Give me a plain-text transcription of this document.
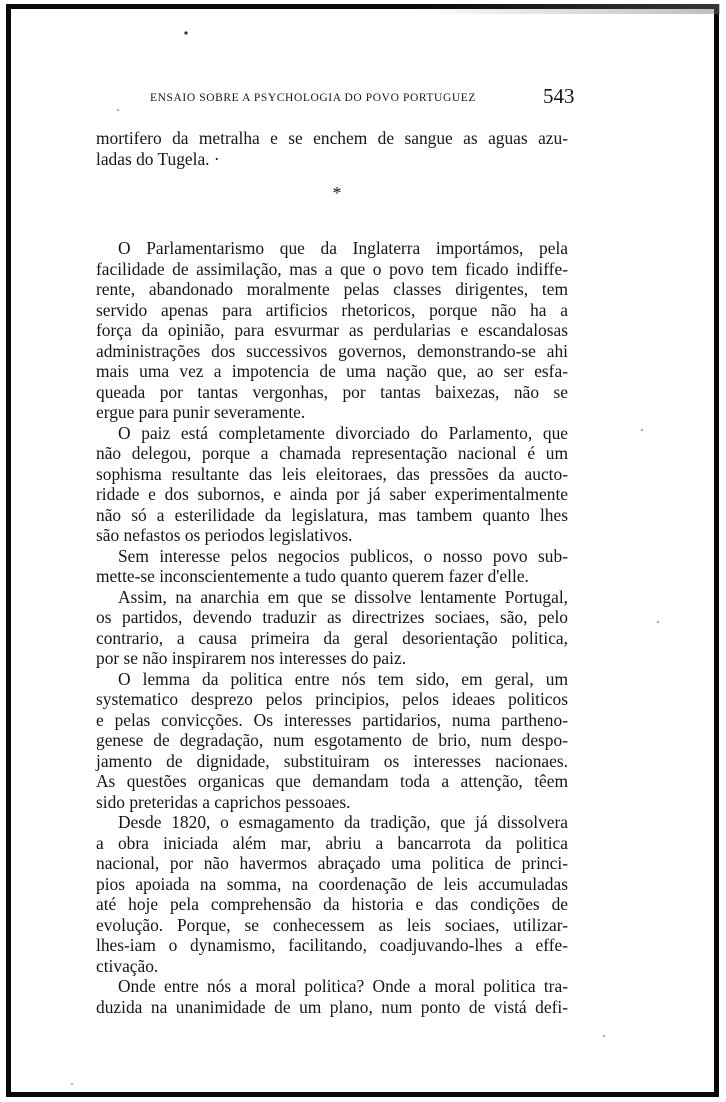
ENSAIO SOBRE A PSYCHOLOGIA DO POVO PORTUGUEZ	543
mortifero da metralha e se enchem de sangue as aguas azu-
ladas do Tugela. ·
*
O Parlamentarismo que da Inglaterra importámos, pela
facilidade de assimilação, mas a que o povo tem ficado indiffe-
rente, abandonado moralmente pelas classes dirigentes, tem
servido apenas para artificios rhetoricos, porque não ha a
força da opinião, para esvurmar as perdularias e escandalosas
administrações dos successivos governos, demonstrando-se ahi
mais uma vez a impotencia de uma nação que, ao ser esfa-
queada por tantas vergonhas, por tantas baixezas, não se
ergue para punir severamente.
O paiz está completamente divorciado do Parlamento, que
não delegou, porque a chamada representação nacional é um
sophisma resultante das leis eleitoraes, das pressões da aucto-
ridade e dos subornos, e ainda por já saber experimentalmente
não só a esterilidade da legislatura, mas tambem quanto lhes
são nefastos os periodos legislativos.
Sem interesse pelos negocios publicos, o nosso povo sub-
mette-se inconscientemente a tudo quanto querem fazer d'elle.
Assim, na anarchia em que se dissolve lentamente Portugal,
os partidos, devendo traduzir as directrizes sociaes, são, pelo
contrario, a causa primeira da geral desorientação politica,
por se não inspirarem nos interesses do paiz.
O lemma da politica entre nós tem sido, em geral, um
systematico desprezo pelos principios, pelos ideaes politicos
e pelas convicções. Os interesses partidarios, numa partheno-
genese de degradação, num esgotamento de brio, num despo-
jamento de dignidade, substituiram os interesses nacionaes.
As questões organicas que demandam toda a attenção, têem
sido preteridas a caprichos pessoaes.
Desde 1820, o esmagamento da tradição, que já dissolvera
a obra iniciada além mar, abriu a bancarrota da politica
nacional, por não havermos abraçado uma politica de princi-
pios apoiada na somma, na coordenação de leis accumuladas
até hoje pela comprehensão da historia e das condições de
evolução. Porque, se conhecessem as leis sociaes, utilizar-
lhes-iam o dynamismo, facilitando, coadjuvando-lhes a effe-
ctivação.
Onde entre nós a moral politica? Onde a moral politica tra-
duzida na unanimidade de um plano, num ponto de vistá defi-
